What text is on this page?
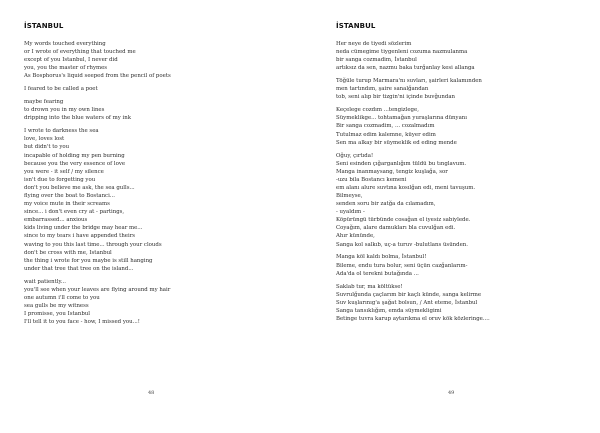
İSTANBUL
My words touched everything
or I wrote of everything that touched me
except of you Istanbul, I never did
you, you the master of rhymes
As Bosphorus's liquid seeped from the pencil of poets
I feared to be called a poet
maybe fearing
to drown you in my own lines
dripping into the blue waters of my ink
I wrote to darkness the sea
love, loves lost
but didn't to you
incapable of holding my pen burning
because you the very essence of love
you were - it self / my silence
isn't due to forgetting you
don't you believe me ask, the sea gulls...
flying over the boat to Bostanci...
my voice mute in their screams
since... i don't even cry at - partings,
embarrassed... anxious
kids living under the bridge may hear me...
since to my tears i have appended theirs
waving to you this last time... through your clouds
don't be cross with me, Istanbul
the thing i wrote for you maybe is still hanging
under that tree that tree on the island...
wait patiently...
you'll see when your leaves are flying around my hair
one autumn i'll come to you
sea gulls be my witness
I promisse, you Istanbul
I'll tell it to you face - how, I missed you...!
48
İSTANBUL
Her neye de tiyedi sözlerim
neda cümegime tiygenleni cozuma nazmulanma
bir sanga cozmadim, İstanbul
artıksız da sen, nazmu baka turğanlay kesi allanga
Töğüle turup Marmara'nı suvları, şairleri kalamınden
men tartındım, şaire sanalğandan
tob, seni alıp bir tizgin'ni içinde buvğundan
Keçelege cozdım ...tengizlege,
Süymeklikge... tohtamağan yuraşlarına dünyanı
Bir sanga cozmadim, ... cozalmadım
Tutulmaz edim kalemne, küyer edim
Sen ma alkay bir süymeklik ed eding mende
Oğuy, çırtıda!
Seni esinden çığarganlığım tüldü bu tınglavum.
Manga inanmaysang, tengiz kuşlağa, sor
-uzu bila Bostancı kemeni
em alanı alure suvtına kosılğan edi, meni tavuşum.
Bilmeyse,
senden soru bir zatğa da cılamadım,
- uyaldım -
Köpürüngü türbünde cosağan el iyesiz sabiylede.
Coyağım, alare damukları bla cuvulğan edi.
Ahır kününde,
Sanga kol salkıb, uç-a turuv -bulutlans üsünden.
Manga köl kaldı bolma, İstanbul!
Bileme, endu tura bolur, seni üçün cazğanlarım-
Ada'da ol terekni butağında ...
Saklab tur, ma költükse!
Suvrulğunda çaçlarım bir kaçlı künde, sanga kelirme
Suv kuşlarınıg'a şağat bolsun, / Ant eteme, İstanbul
Sanga tansıklığım, emda süymekligimi
Betinge tuvra karup aytarıkma el oruv kök közleringe....
49
